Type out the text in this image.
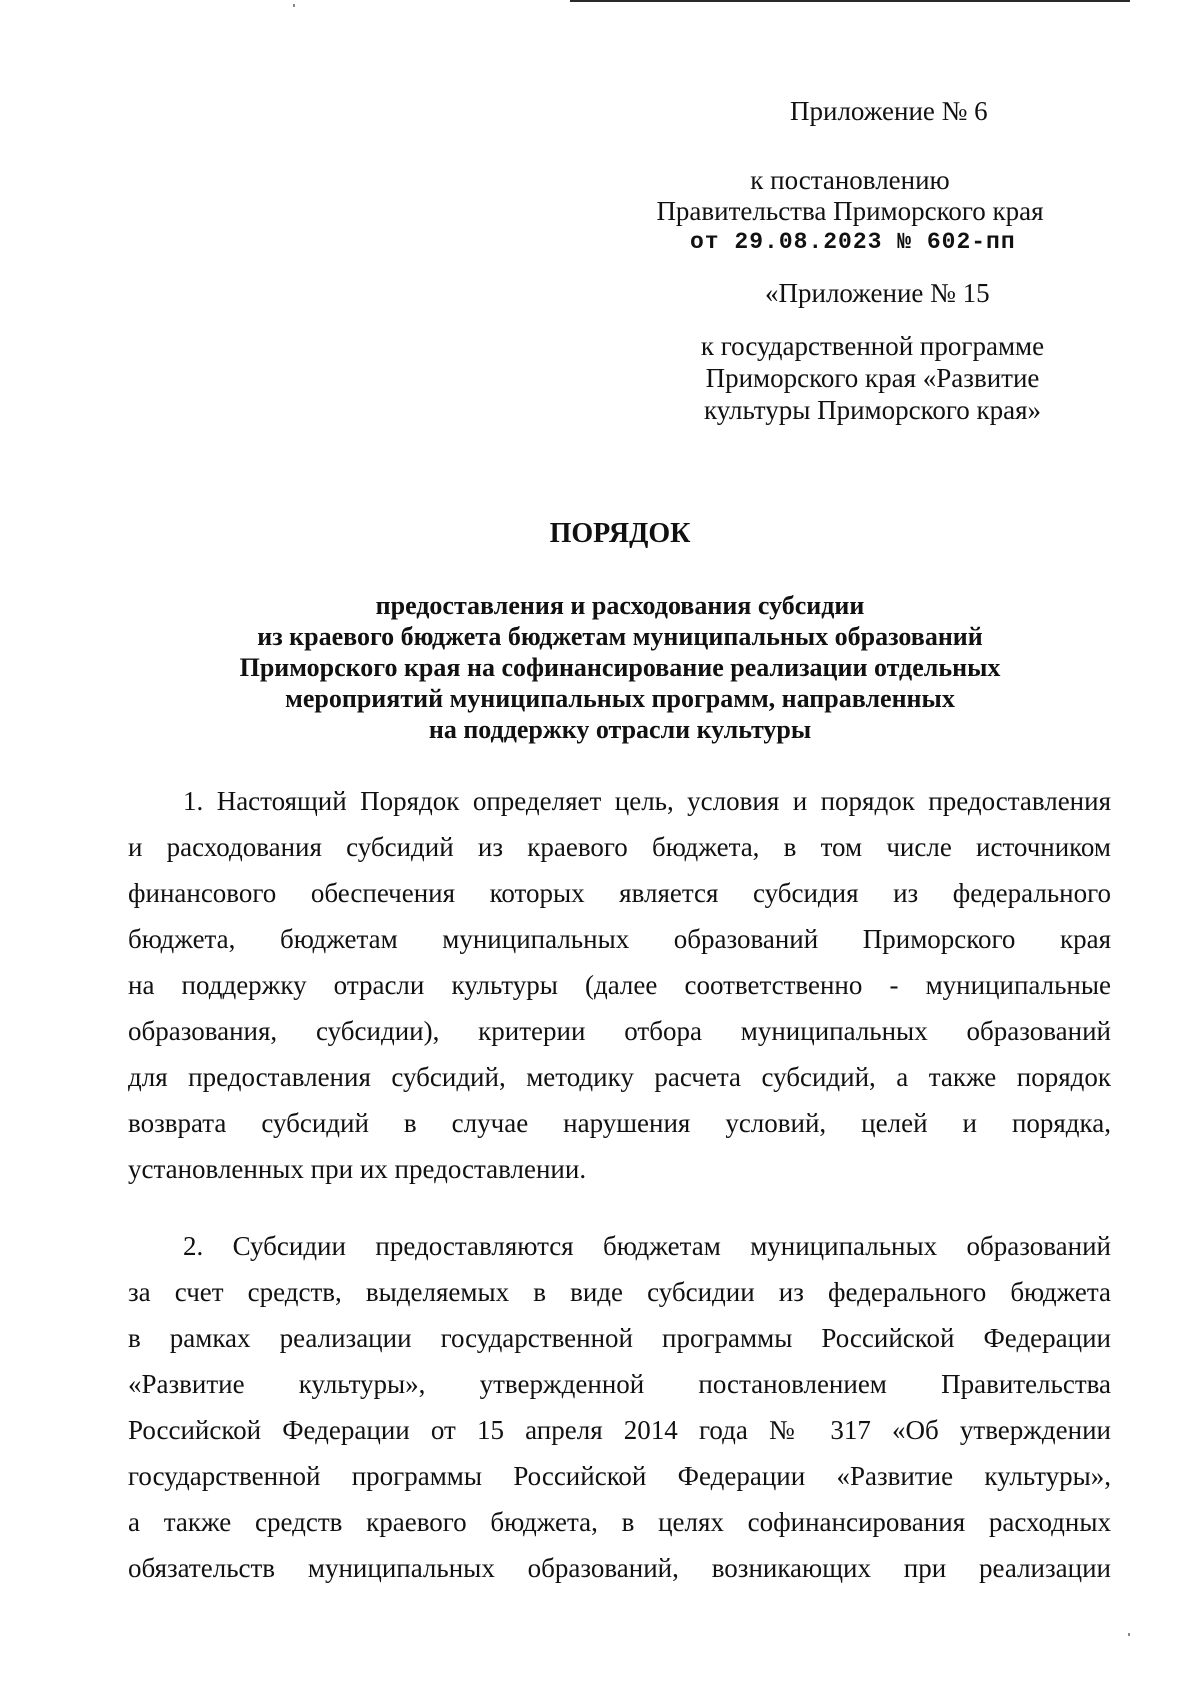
Приложение № 6
к постановлению
Правительства Приморского края
от 29.08.2023 № 602-пп
«Приложение № 15
к государственной программе
Приморского края «Развитие
культуры Приморского края»
ПОРЯДОК
предоставления и расходования субсидии
из краевого бюджета бюджетам муниципальных образований
Приморского края на софинансирование реализации отдельных
мероприятий муниципальных программ, направленных
на поддержку отрасли культуры
1. Настоящий Порядок определяет цель, условия и порядок предоставления
и расходования субсидий из краевого бюджета, в том числе источником
финансового обеспечения которых является субсидия из федерального
бюджета, бюджетам муниципальных образований Приморского края
на поддержку отрасли культуры (далее соответственно - муниципальные
образования, субсидии), критерии отбора муниципальных образований
для предоставления субсидий, методику расчета субсидий, а также порядок
возврата субсидий в случае нарушения условий, целей и порядка,
установленных при их предоставлении.
2. Субсидии предоставляются бюджетам муниципальных образований
за счет средств, выделяемых в виде субсидии из федерального бюджета
в рамках реализации государственной программы Российской Федерации
«Развитие культуры», утвержденной постановлением Правительства
Российской Федерации от 15 апреля 2014 года № 317 «Об утверждении
государственной программы Российской Федерации «Развитие культуры»,
а также средств краевого бюджета, в целях софинансирования расходных
обязательств муниципальных образований, возникающих при реализации
